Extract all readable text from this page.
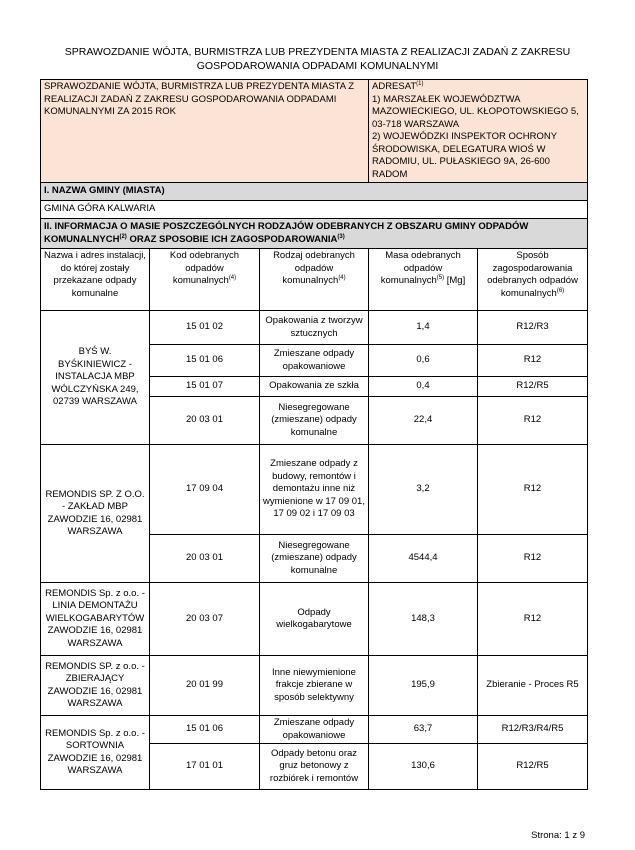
SPRAWOZDANIE WÓJTA, BURMISTRZA LUB PREZYDENTA MIASTA Z REALIZACJI ZADAŃ Z ZAKRESU
GOSPODAROWANIA ODPADAMI KOMUNALNYMI
SPRAWOZDANIE WÓJTA, BURMISTRZA LUB PREZYDENTA MIASTA Z REALIZACJI ZADAŃ Z ZAKRESU GOSPODAROWANIA ODPADAMI KOMUNALNYMI ZA 2015 ROK			ADRESAT$^{(1)}$
1) MARSZAŁEK WOJEWÓDZTWA MAZOWIECKIEGO, UL. KŁOPOTOWSKIEGO 5, 03-718 WARSZAWA
2) WOJEWÓDZKI INSPEKTOR OCHRONY ŚRODOWISKA, DELEGATURA WIOŚ W RADOMIU, UL. PUŁASKIEGO 9A, 26-600 RADOM	

I. NAZWA GMINY (MIASTA)				
GMINA GÓRA KALWARIA				
II. INFORMACJA O MASIE POSZCZEGÓLNYCH RODZAJÓW ODEBRANYCH Z OBSZARU GMINY ODPADÓW KOMUNALNYCH$^{(2)}$ ORAZ SPOSOBIE ICH ZAGOSPODAROWANIA$^{(3)}$
Nazwa i adres instalacji, do której zostały przekazane odpady komunalne	Kod odebranych odpadów komunalnych$^{(4)}$	Rodzaj odebranych odpadów komunalnych$^{(4)}$	Masa odebranych odpadów komunalnych$^{(5)}$ [Mg]	Sposób zagospodarowania odebranych odpadów komunalnych$^{(6)}$
BYŚ W. BYŚKINIEWICZ - INSTALACJA MBP WÓLCZYŃSKA 249, 02739 WARSZAWA	15 01 02	Opakowania z tworzyw sztucznych	1,4	R12/R3
	15 01 06	Zmieszane odpady opakowaniowe	0,6	R12
	15 01 07	Opakowania ze szkła	0,4	R12/R5
	20 03 01	Niesegregowane (zmieszane) odpady komunalne	22,4	R12
REMONDIS SP. Z O.O. - ZAKŁAD MBP ZAWODZIE 16, 02981 WARSZAWA	17 09 04	Zmieszane odpady z budowy, remontów i demontażu inne niż wymienione w 17 09 01, 17 09 02 i 17 09 03	3,2	R12
	20 03 01	Niesegregowane (zmieszane) odpady komunalne	4544,4	R12
REMONDIS Sp. z o.o. - LINIA DEMONTAŻU WIELKOGABARYTÓW ZAWODZIE 16, 02981 WARSZAWA	20 03 07	Odpady wielkogabarytowe	148,3	R12
REMONDIS SP. z o.o. - ZBIERAJĄCY ZAWODZIE 16, 02981 WARSZAWA	20 01 99	Inne niewymienione frakcje zbierane w sposób selektywny	195,9	Zbieranie - Proces R5
REMONDIS Sp. z o.o. - SORTOWNIA ZAWODZIE 16, 02981 WARSZAWA	15 01 06	Zmieszane odpady opakowaniowe	63,7	R12/R3/R4/R5
	17 01 01	Odpady betonu oraz gruz betonowy z rozbiórek i remontów	130,6	R12/R5
Strona: 1 z 9
